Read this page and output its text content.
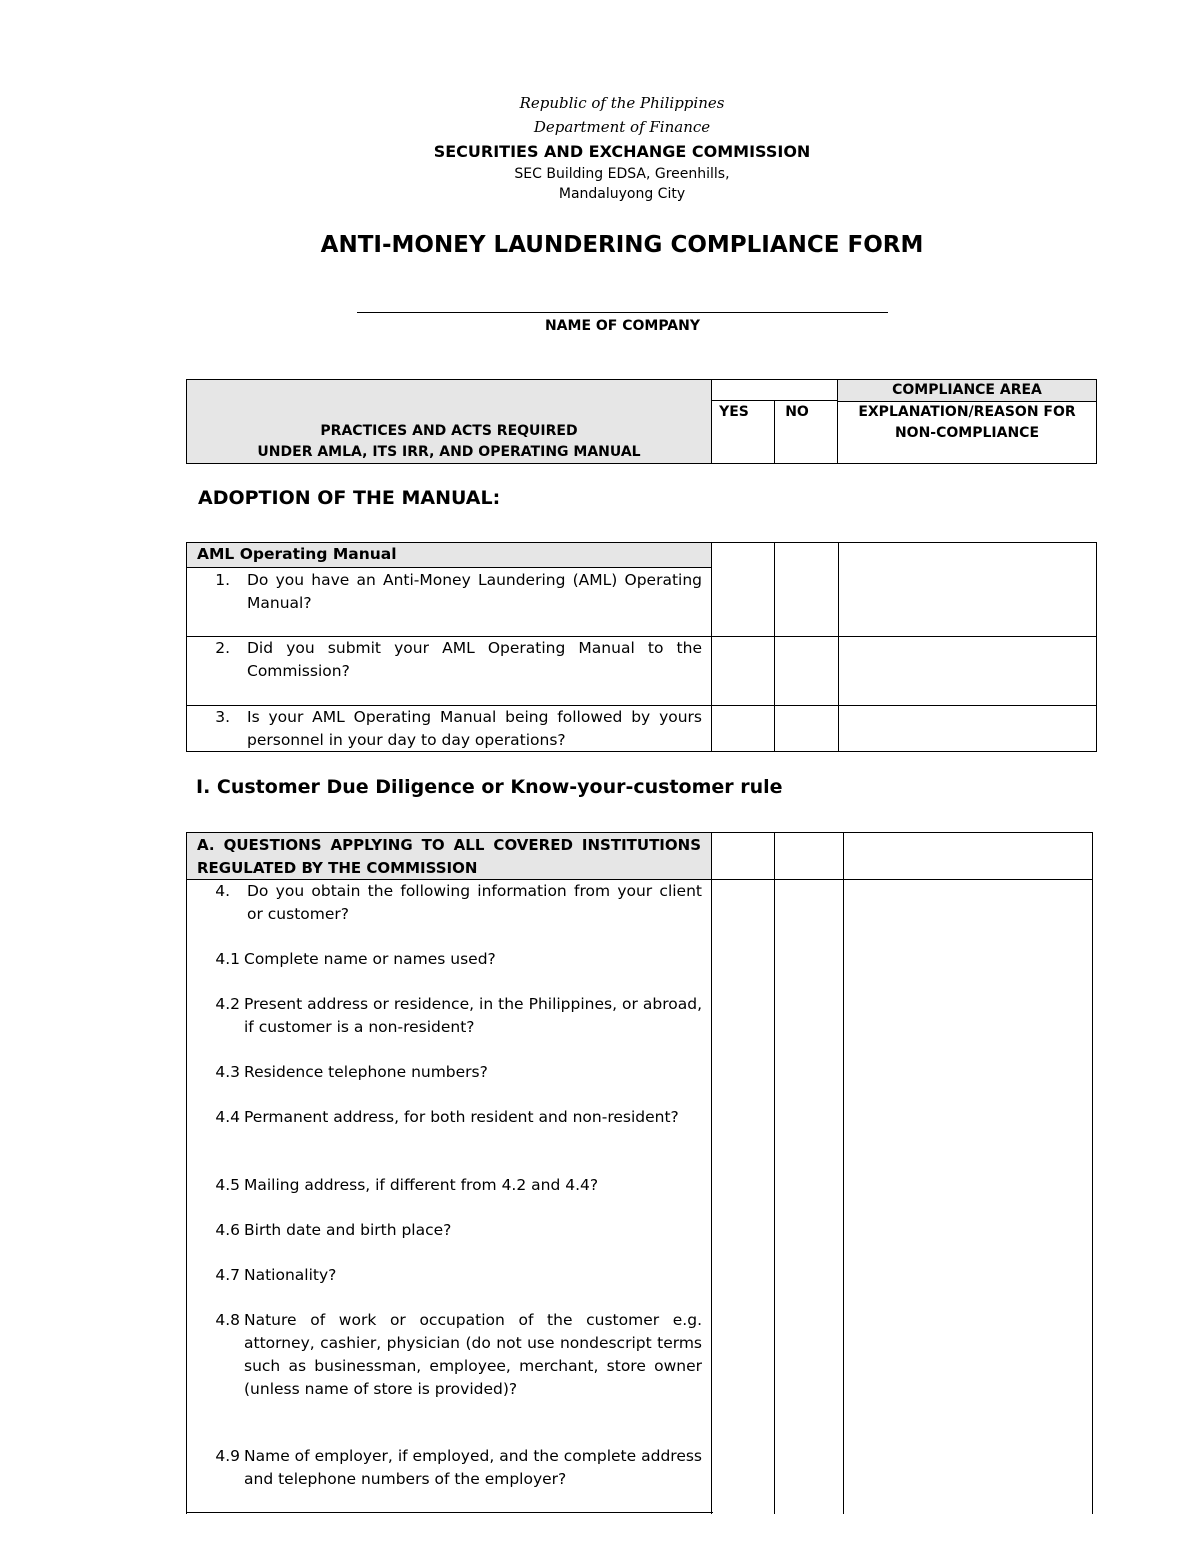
Republic of the Philippines
Department of Finance
SECURITIES AND EXCHANGE COMMISSION
SEC Building EDSA, Greenhills,
Mandaluyong City
ANTI-MONEY LAUNDERING COMPLIANCE FORM
NAME OF COMPANY
PRACTICES AND ACTS REQUIRED
UNDER AMLA, ITS IRR, AND OPERATING MANUAL
COMPLIANCE AREA
YES	NO	EXPLANATION/REASON FOR
NON-COMPLIANCE
ADOPTION OF THE MANUAL:
AML Operating Manual
1. Do you have an Anti-Money Laundering (AML) Operating Manual?
2. Did you submit your AML Operating Manual to the Commission?
3. Is your AML Operating Manual being followed by yours personnel in your day to day operations?
I. Customer Due Diligence or Know-your-customer rule
A. QUESTIONS APPLYING TO ALL COVERED INSTITUTIONS
REGULATED BY THE COMMISSION
4. Do you obtain the following information from your client or customer?
4.1 Complete name or names used?
4.2 Present address or residence, in the Philippines, or abroad, if customer is a non-resident?
4.3 Residence telephone numbers?
4.4 Permanent address, for both resident and non-resident?
4.5 Mailing address, if different from 4.2 and 4.4?
4.6 Birth date and birth place?
4.7 Nationality?
4.8 Nature of work or occupation of the customer e.g. attorney, cashier, physician (do not use nondescript terms such as businessman, employee, merchant, store owner (unless name of store is provided)?
4.9 Name of employer, if employed, and the complete address and telephone numbers of the employer?
